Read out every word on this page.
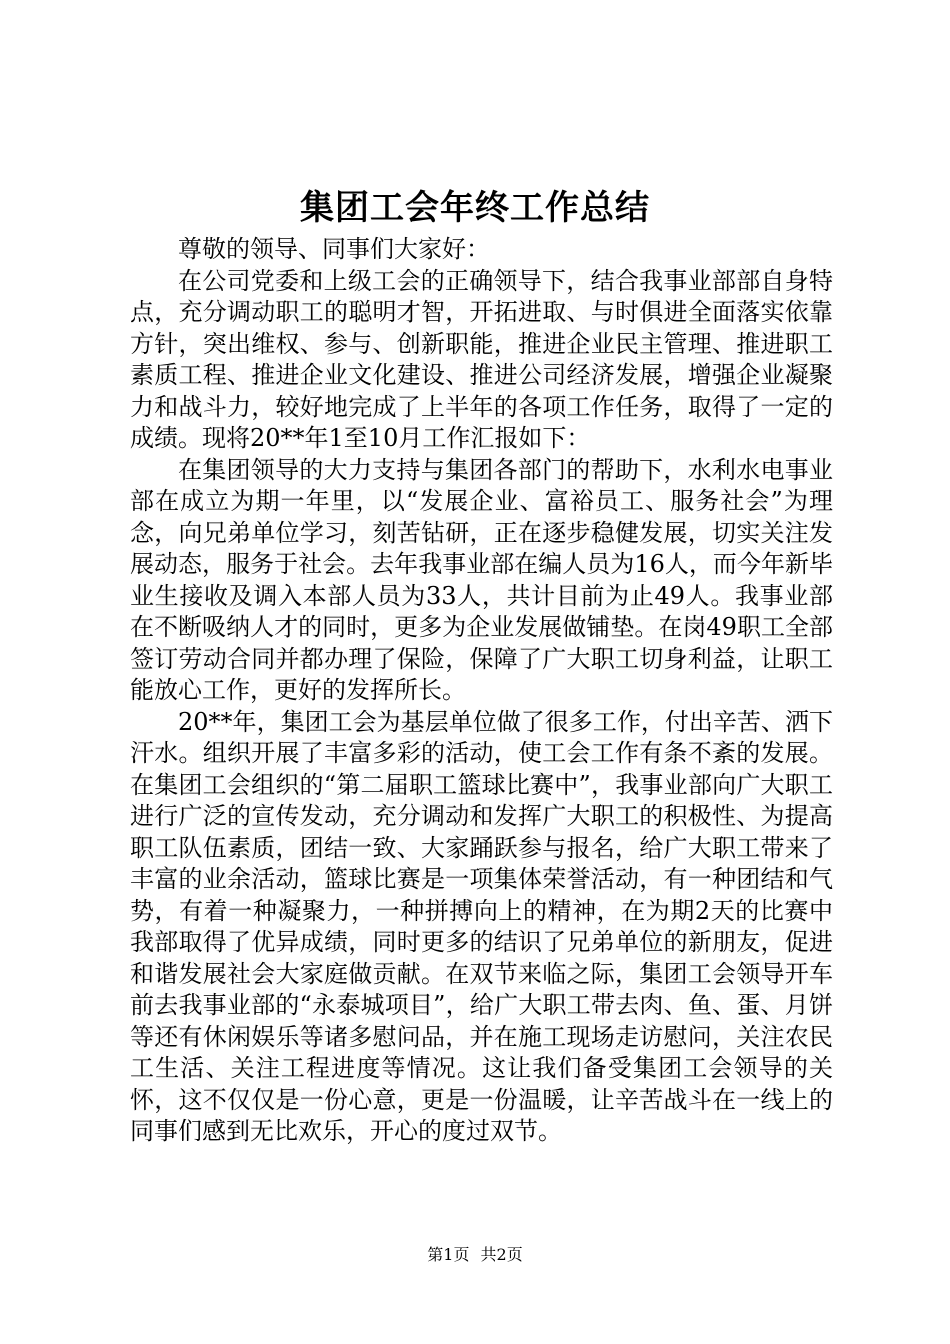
集团工会年终工作总结

尊敬的领导、同事们大家好：

在公司党委和上级工会的正确领导下，结合我事业部部自身特点，充分调动职工的聪明才智，开拓进取、与时俱进全面落实依靠方针，突出维权、参与、创新职能，推进企业民主管理、推进职工素质工程、推进企业文化建设、推进公司经济发展，增强企业凝聚力和战斗力，较好地完成了上半年的各项工作任务，取得了一定的成绩。现将20**年1至10月工作汇报如下：

在集团领导的大力支持与集团各部门的帮助下，水利水电事业部在成立为期一年里，以“发展企业、富裕员工、服务社会”为理念，向兄弟单位学习，刻苦钻研，正在逐步稳健发展，切实关注发展动态，服务于社会。去年我事业部在编人员为16人，而今年新毕业生接收及调入本部人员为33人，共计目前为止49人。我事业部在不断吸纳人才的同时，更多为企业发展做铺垫。在岗49职工全部签订劳动合同并都办理了保险，保障了广大职工切身利益，让职工能放心工作，更好的发挥所长。

20**年，集团工会为基层单位做了很多工作，付出辛苦、洒下汗水。组织开展了丰富多彩的活动，使工会工作有条不紊的发展。在集团工会组织的“第二届职工篮球比赛中”，我事业部向广大职工进行广泛的宣传发动，充分调动和发挥广大职工的积极性、为提高职工队伍素质，团结一致、大家踊跃参与报名，给广大职工带来了丰富的业余活动，篮球比赛是一项集体荣誉活动，有一种团结和气势，有着一种凝聚力，一种拼搏向上的精神，在为期2天的比赛中我部取得了优异成绩，同时更多的结识了兄弟单位的新朋友，促进和谐发展社会大家庭做贡献。在双节来临之际，集团工会领导开车前去我事业部的“永泰城项目”，给广大职工带去肉、鱼、蛋、月饼等还有休闲娱乐等诸多慰问品，并在施工现场走访慰问，关注农民工生活、关注工程进度等情况。这让我们备受集团工会领导的关怀，这不仅仅是一份心意，更是一份温暖，让辛苦战斗在一线上的同事们感到无比欢乐，开心的度过双节。

第1页 共2页
